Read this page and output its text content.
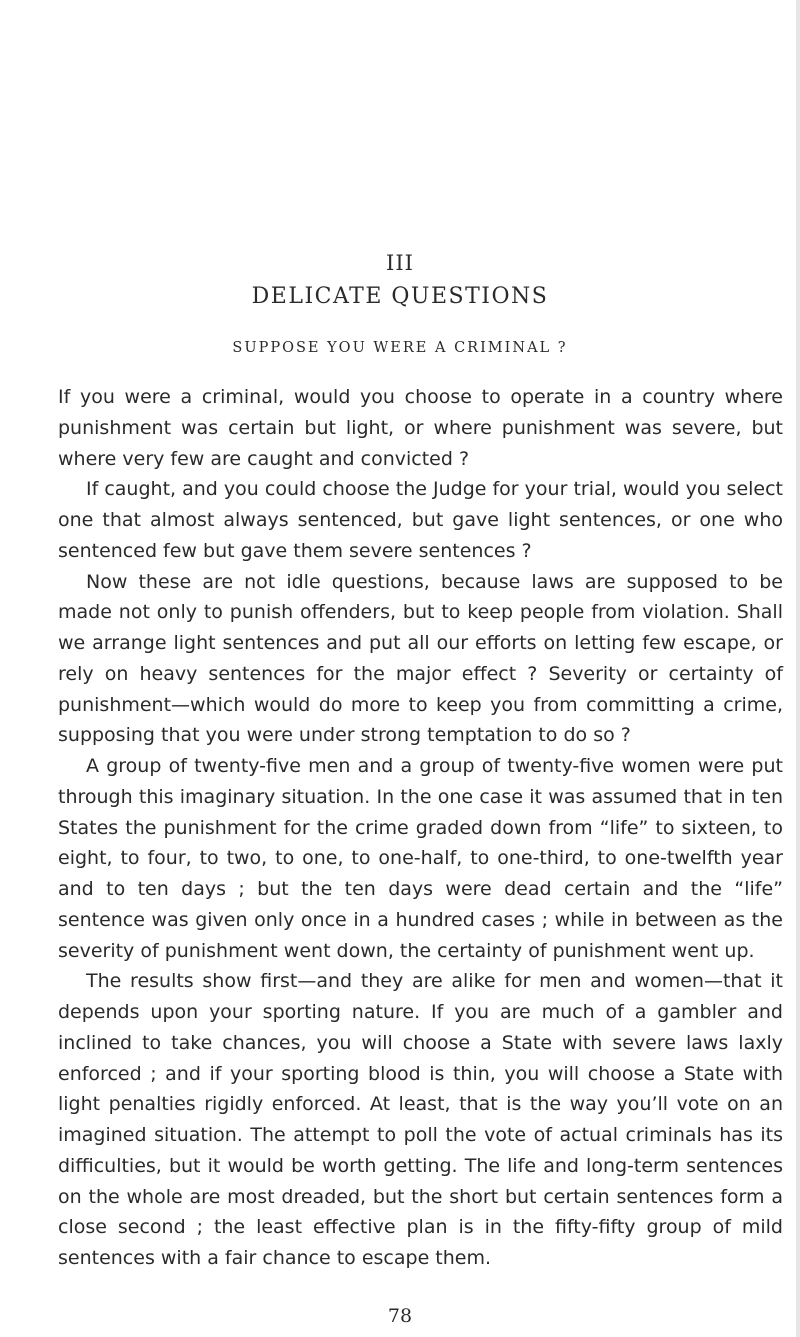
III
DELICATE QUESTIONS
SUPPOSE YOU WERE A CRIMINAL ?

If you were a criminal, would you choose to operate in a country where punishment was certain but light, or where punishment was severe, but where very few are caught and convicted ?

If caught, and you could choose the Judge for your trial, would you select one that almost always sentenced, but gave light sentences, or one who sentenced few but gave them severe sentences ?

Now these are not idle questions, because laws are supposed to be made not only to punish offenders, but to keep people from violation. Shall we arrange light sentences and put all our efforts on letting few escape, or rely on heavy sentences for the major effect ? Severity or certainty of punishment—which would do more to keep you from committing a crime, supposing that you were under strong temptation to do so ?

A group of twenty-five men and a group of twenty-five women were put through this imaginary situation. In the one case it was assumed that in ten States the punishment for the crime graded down from “life” to sixteen, to eight, to four, to two, to one, to one-half, to one-third, to one-twelfth year and to ten days ; but the ten days were dead certain and the “life” sentence was given only once in a hundred cases ; while in between as the severity of punishment went down, the certainty of punishment went up.

The results show first—and they are alike for men and women—that it depends upon your sporting nature. If you are much of a gambler and inclined to take chances, you will choose a State with severe laws laxly enforced ; and if your sporting blood is thin, you will choose a State with light penalties rigidly enforced. At least, that is the way you’ll vote on an imagined situation. The attempt to poll the vote of actual criminals has its difficulties, but it would be worth getting. The life and long-term sentences on the whole are most dreaded, but the short but certain sentences form a close second ; the least effective plan is in the fifty-fifty group of mild sentences with a fair chance to escape them.

78
